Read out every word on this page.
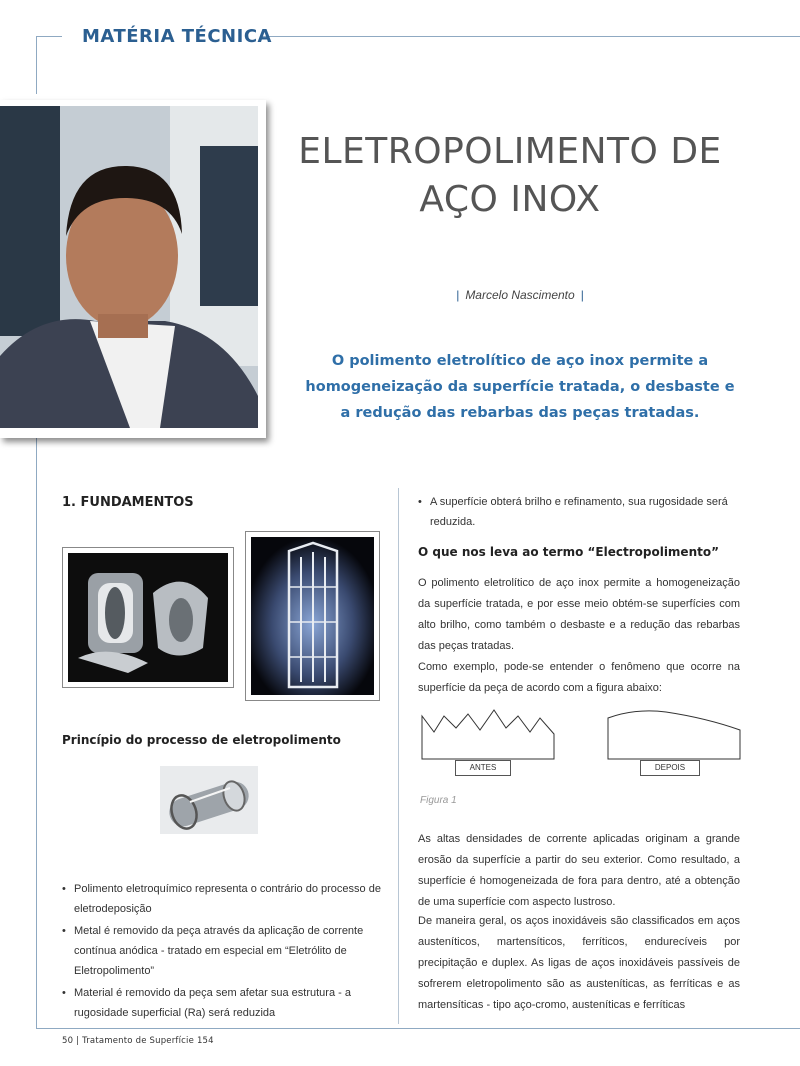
MATÉRIA TÉCNICA
ELETROPOLIMENTO DE
AÇO INOX
| Marcelo Nascimento |
O polimento eletrolítico de aço inox permite a
homogeneização da superfície tratada, o desbaste e
a redução das rebarbas das peças tratadas.
1. FUNDAMENTOS
Princípio do processo de eletropolimento
• Polimento eletroquímico representa o contrário do processo de eletrodeposição
• Metal é removido da peça através da aplicação de corrente contínua anódica - tratado em especial em “Eletrólito de Eletropolimento”
• Material é removido da peça sem afetar sua estrutura - a rugosidade superficial (Ra) será reduzida
• A superfície obterá brilho e refinamento, sua rugosidade será reduzida.
O que nos leva ao termo “Electropolimento”
O polimento eletrolítico de aço inox permite a homogeneização da superfície tratada, e por esse meio obtém-se superfícies com alto brilho, como também o desbaste e a redução das rebarbas das peças tratadas.
Como exemplo, pode-se entender o fenômeno que ocorre na superfície da peça de acordo com a figura abaixo:
ANTES	DEPOIS
Figura 1
As altas densidades de corrente aplicadas originam a grande erosão da superfície a partir do seu exterior. Como resultado, a superfície é homogeneizada de fora para dentro, até a obtenção de uma superfície com aspecto lustroso.
De maneira geral, os aços inoxidáveis são classificados em aços austeníticos, martensíticos, ferríticos, endurecíveis por precipitação e duplex. As ligas de aços inoxidáveis passíveis de sofrerem eletropolimento são as austeníticas, as ferríticas e as martensíticas - tipo aço-cromo, austeníticas e ferríticas
50 | Tratamento de Superfície 154
